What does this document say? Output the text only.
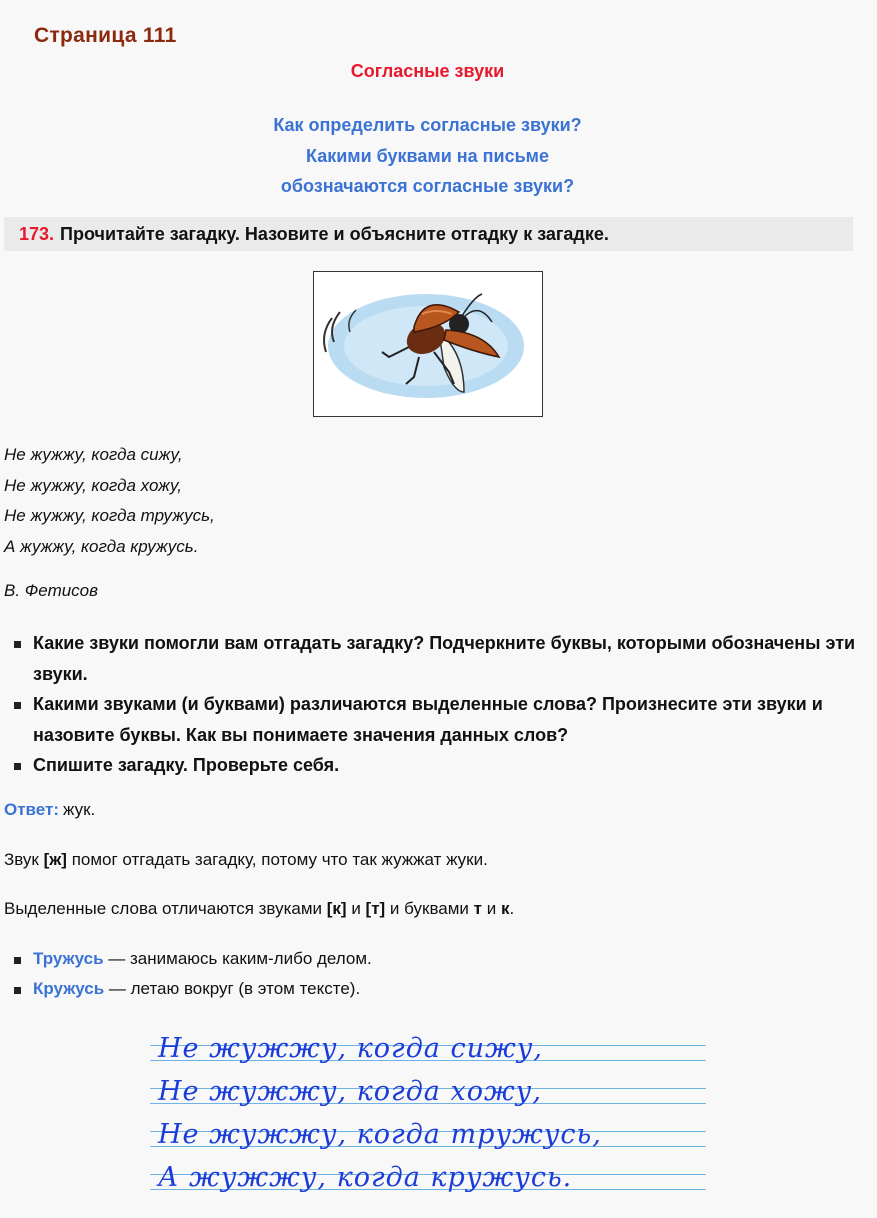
Страница 111
Согласные звуки
Как определить согласные звуки?
Какими буквами на письме
обозначаются согласные звуки?
173. Прочитайте загадку. Назовите и объясните отгадку к загадке.
Не жужжу, когда сижу,
Не жужжу, когда хожу,
Не жужжу, когда тружусь,
А жужжу, когда кружусь.
В. Фетисов
Какие звуки помогли вам отгадать загадку? Подчеркните буквы, которыми обозначены эти звуки.
Какими звуками (и буквами) различаются выделенные слова? Произнесите эти звуки и назовите буквы. Как вы понимаете значения данных слов?
Спишите загадку. Проверьте себя.
Ответ: жук.
Звук [ж] помог отгадать загадку, потому что так жужжат жуки.
Выделенные слова отличаются звуками [к] и [т] и буквами т и к.
Тружусь — занимаюсь каким-либо делом.
Кружусь — летаю вокруг (в этом тексте).
Не жужжу, когда сижу,
Не жужжу, когда хожу,
Не жужжу, когда тружусь,
А жужжу, когда кружусь.
